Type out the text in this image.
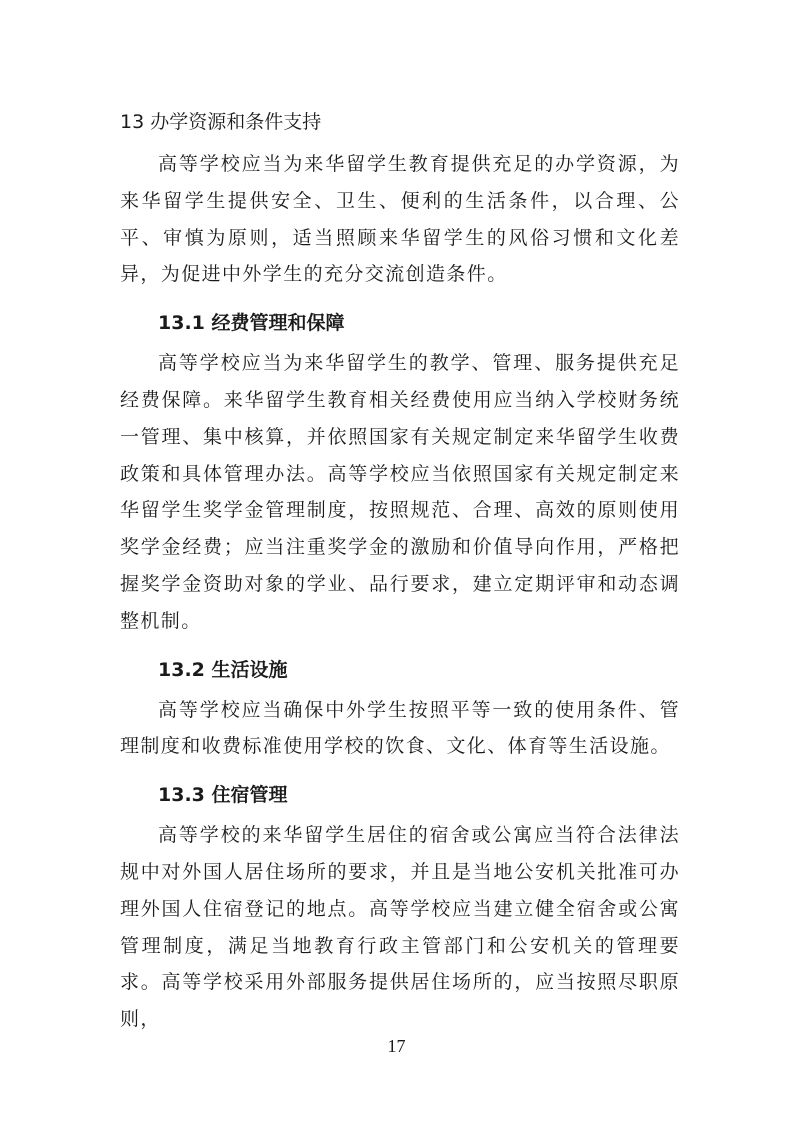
13 办学资源和条件支持

高等学校应当为来华留学生教育提供充足的办学资源，为来华留学生提供安全、卫生、便利的生活条件，以合理、公平、审慎为原则，适当照顾来华留学生的风俗习惯和文化差异，为促进中外学生的充分交流创造条件。

13.1 经费管理和保障

高等学校应当为来华留学生的教学、管理、服务提供充足经费保障。来华留学生教育相关经费使用应当纳入学校财务统一管理、集中核算，并依照国家有关规定制定来华留学生收费政策和具体管理办法。高等学校应当依照国家有关规定制定来华留学生奖学金管理制度，按照规范、合理、高效的原则使用奖学金经费；应当注重奖学金的激励和价值导向作用，严格把握奖学金资助对象的学业、品行要求，建立定期评审和动态调整机制。

13.2 生活设施

高等学校应当确保中外学生按照平等一致的使用条件、管理制度和收费标准使用学校的饮食、文化、体育等生活设施。

13.3 住宿管理

高等学校的来华留学生居住的宿舍或公寓应当符合法律法规中对外国人居住场所的要求，并且是当地公安机关批准可办理外国人住宿登记的地点。高等学校应当建立健全宿舍或公寓管理制度，满足当地教育行政主管部门和公安机关的管理要求。高等学校采用外部服务提供居住场所的，应当按照尽职原则，

17
